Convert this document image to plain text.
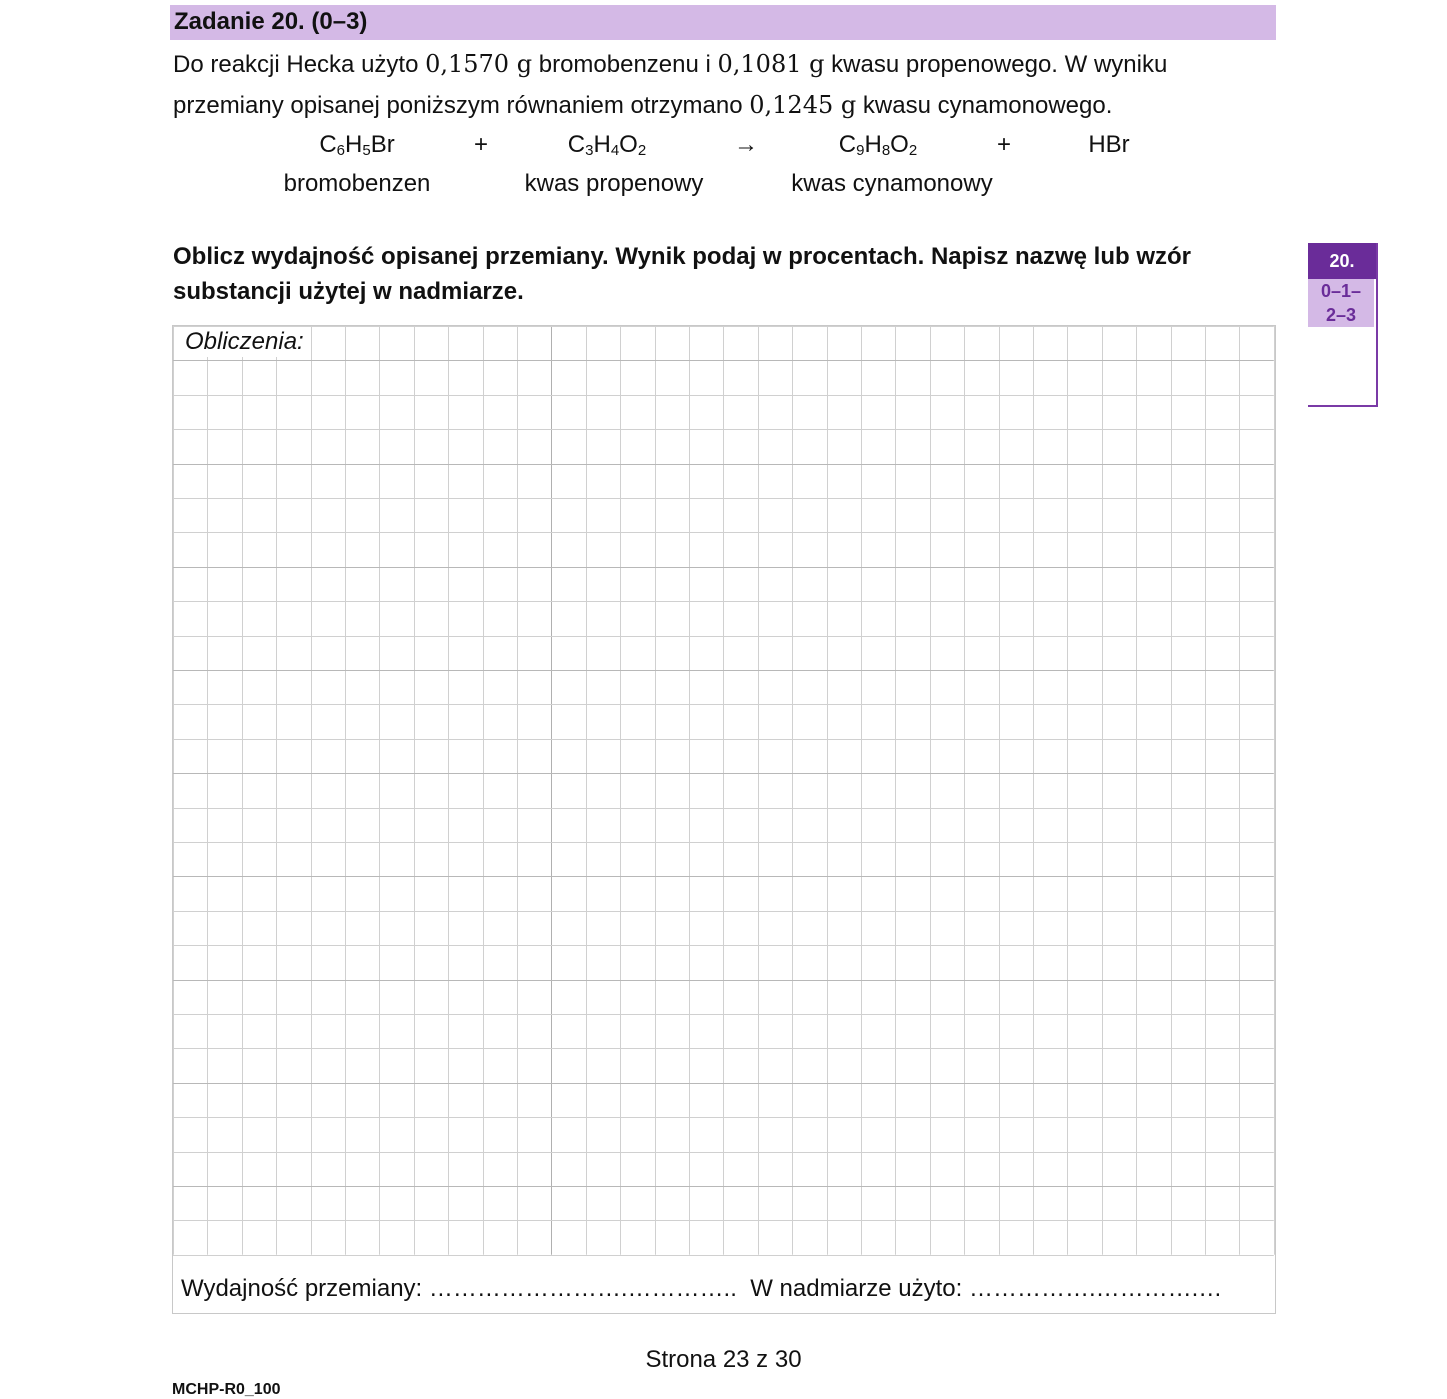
Zadanie 20. (0–3)
Do reakcji Hecka użyto 0,1570 g bromobenzenu i 0,1081 g kwasu propenowego. W wyniku przemiany opisanej poniższym równaniem otrzymano 0,1245 g kwasu cynamonowego.
$C_6H_5Br$	+	$C_3H_4O_2$	→	$C_9H_8O_2$	+	HBr
bromobenzen	kwas propenowy	kwas cynamonowy
Oblicz wydajność opisanej przemiany. Wynik podaj w procentach. Napisz nazwę lub wzór substancji użytej w nadmiarze.
20.
0–1–
2–3
Obliczenia:
Wydajność przemiany: …………………….…………..  W nadmiarze użyto: …………….………….…
Strona 23 z 30
MCHP-R0_100
